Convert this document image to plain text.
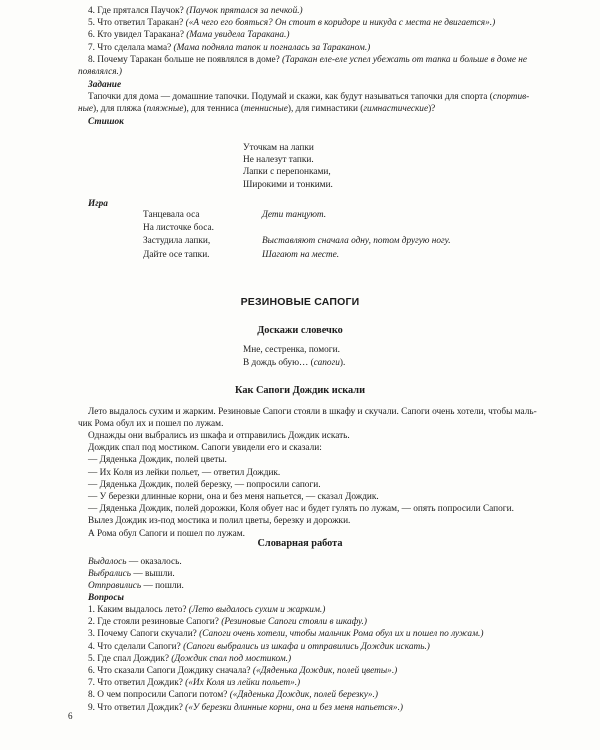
4. Где прятался Паучок? (Паучок прятался за печкой.)
5. Что ответил Таракан? («А чего его бояться? Он стоит в коридоре и никуда с места не двигается».)
6. Кто увидел Таракана? (Мама увидела Таракана.)
7. Что сделала мама? (Мама подняла тапок и погналась за Тараканом.)
8. Почему Таракан больше не появлялся в доме? (Таракан еле-еле успел убежать от тапка и больше в доме не
появлялся.)
Задание
Тапочки для дома — домашние тапочки. Подумай и скажи, как будут называться тапочки для спорта (спортив-
ные), для пляжа (пляжные), для тенниса (теннисные), для гимнастики (гимнастические)?
Стишок
Уточкам на лапки
Не налезут тапки.
Лапки с перепонками,
Широкими и тонкими.
Игра
Танцевала оса
На листочке боса.
Застудила лапки,
Дайте осе тапки.
Дети танцуют.

Выставляют сначала одну, потом другую ногу.
Шагают на месте.
РЕЗИНОВЫЕ САПОГИ
Доскажи словечко
Мне, сестренка, помоги.
В дождь обую… (сапоги).
Как Сапоги Дождик искали
Лето выдалось сухим и жарким. Резиновые Сапоги стояли в шкафу и скучали. Сапоги очень хотели, чтобы маль-
чик Рома обул их и пошел по лужам.
Однажды они выбрались из шкафа и отправились Дождик искать.
Дождик спал под мостиком. Сапоги увидели его и сказали:
— Дяденька Дождик, полей цветы.
— Их Коля из лейки польет, — ответил Дождик.
— Дяденька Дождик, полей березку, — попросили сапоги.
— У березки длинные корни, она и без меня напьется, — сказал Дождик.
— Дяденька Дождик, полей дорожки, Коля обует нас и будет гулять по лужам, — опять попросили Сапоги.
Вылез Дождик из-под мостика и полил цветы, березку и дорожки.
А Рома обул Сапоги и пошел по лужам.
Словарная работа
Выдалось — оказалось.
Выбрались — вышли.
Отправились — пошли.
Вопросы
1. Каким выдалось лето? (Лето выдалось сухим и жарким.)
2. Где стояли резиновые Сапоги? (Резиновые Сапоги стояли в шкафу.)
3. Почему Сапоги скучали? (Сапоги очень хотели, чтобы мальчик Рома обул их и пошел по лужам.)
4. Что сделали Сапоги? (Сапоги выбрались из шкафа и отправились Дождик искать.)
5. Где спал Дождик? (Дождик спал под мостиком.)
6. Что сказали Сапоги Дождику сначала? («Дяденька Дождик, полей цветы».)
7. Что ответил Дождик? («Их Коля из лейки польет».)
8. О чем попросили Сапоги потом? («Дяденька Дождик, полей березку».)
9. Что ответил Дождик? («У березки длинные корни, она и без меня напьется».)
6
